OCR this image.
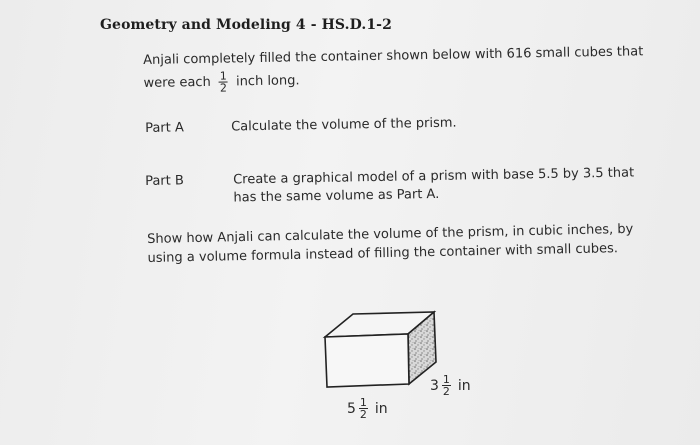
Geometry and Modeling 4 - HS.D.1-2
Anjali completely filled the container shown below with 616 small cubes that
were each $\frac{1}{2}$ inch long.
Part A	Calculate the volume of the prism.
Part B	Create a graphical model of a prism with base 5.5 by 3.5 that
has the same volume as Part A.
Show how Anjali can calculate the volume of the prism, in cubic inches, by
using a volume formula instead of filling the container with small cubes.
$3 \frac{1}{2}$ in
$5 \frac{1}{2}$ in
